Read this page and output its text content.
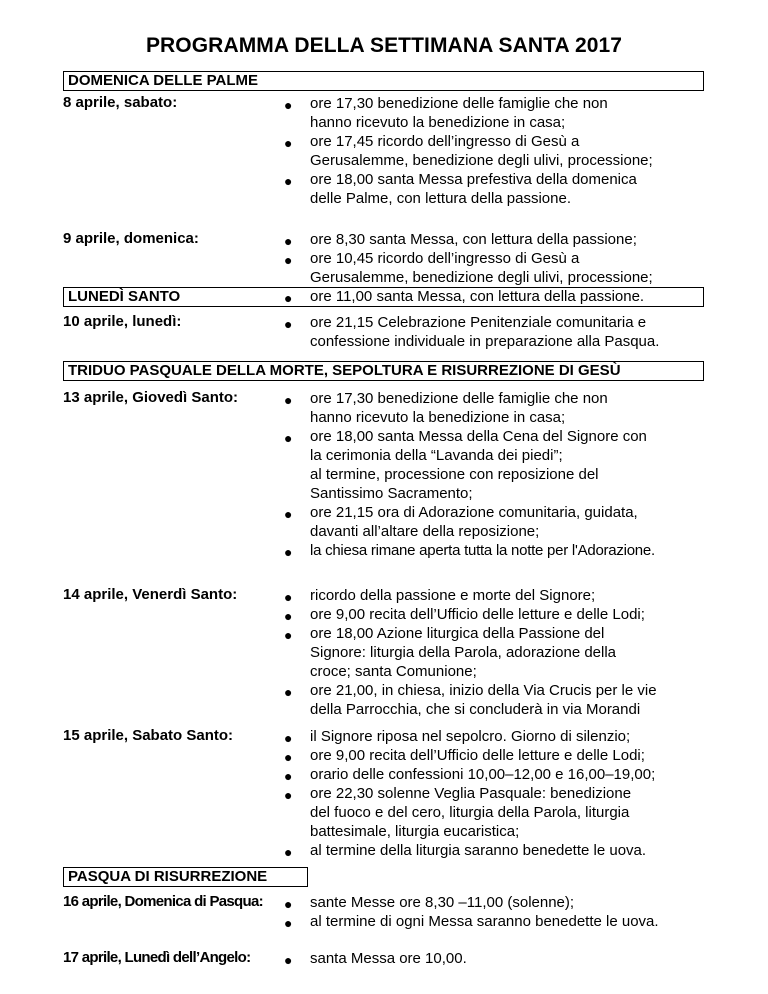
PROGRAMMA DELLA SETTIMANA SANTA 2017
DOMENICA DELLE PALME
8 aprile, sabato:	● ore 17,30 benedizione delle famiglie che non
hanno ricevuto la benedizione in casa;
● ore 17,45 ricordo dell’ingresso di Gesù a
Gerusalemme, benedizione degli ulivi, processione;
● ore 18,00 santa Messa prefestiva della domenica
delle Palme, con lettura della passione.
9 aprile, domenica:	● ore 8,30 santa Messa, con lettura della passione;
● ore 10,45 ricordo dell’ingresso di Gesù a
Gerusalemme, benedizione degli ulivi, processione;
● ore 11,00 santa Messa, con lettura della passione.
LUNEDÌ SANTO
10 aprile, lunedì:	● ore 21,15 Celebrazione Penitenziale comunitaria e
confessione individuale in preparazione alla Pasqua.
TRIDUO PASQUALE DELLA MORTE, SEPOLTURA E RISURREZIONE DI GESÙ
13 aprile, Giovedì Santo:	● ore 17,30 benedizione delle famiglie che non
hanno ricevuto la benedizione in casa;
● ore 18,00 santa Messa della Cena del Signore con
la cerimonia della “Lavanda dei piedi”;
al termine, processione con reposizione del
Santissimo Sacramento;
● ore 21,15 ora di Adorazione comunitaria, guidata,
davanti all’altare della reposizione;
● la chiesa rimane aperta tutta la notte per l'Adorazione.
14 aprile, Venerdì Santo:	● ricordo della passione e morte del Signore;
● ore 9,00 recita dell’Ufficio delle letture e delle Lodi;
● ore 18,00 Azione liturgica della Passione del
Signore: liturgia della Parola, adorazione della
croce; santa Comunione;
● ore 21,00, in chiesa, inizio della Via Crucis per le vie
della Parrocchia, che si concluderà in via Morandi
15 aprile, Sabato Santo:	● il Signore riposa nel sepolcro. Giorno di silenzio;
● ore 9,00 recita dell’Ufficio delle letture e delle Lodi;
● orario delle confessioni 10,00–12,00 e 16,00–19,00;
● ore 22,30 solenne Veglia Pasquale: benedizione
del fuoco e del cero, liturgia della Parola, liturgia
battesimale, liturgia eucaristica;
● al termine della liturgia saranno benedette le uova.
PASQUA DI RISURREZIONE
16 aprile, Domenica di Pasqua: ● sante Messe ore 8,30 –11,00 (solenne);
● al termine di ogni Messa saranno benedette le uova.
17 aprile, Lunedì dell’Angelo: ● santa Messa ore 10,00.
